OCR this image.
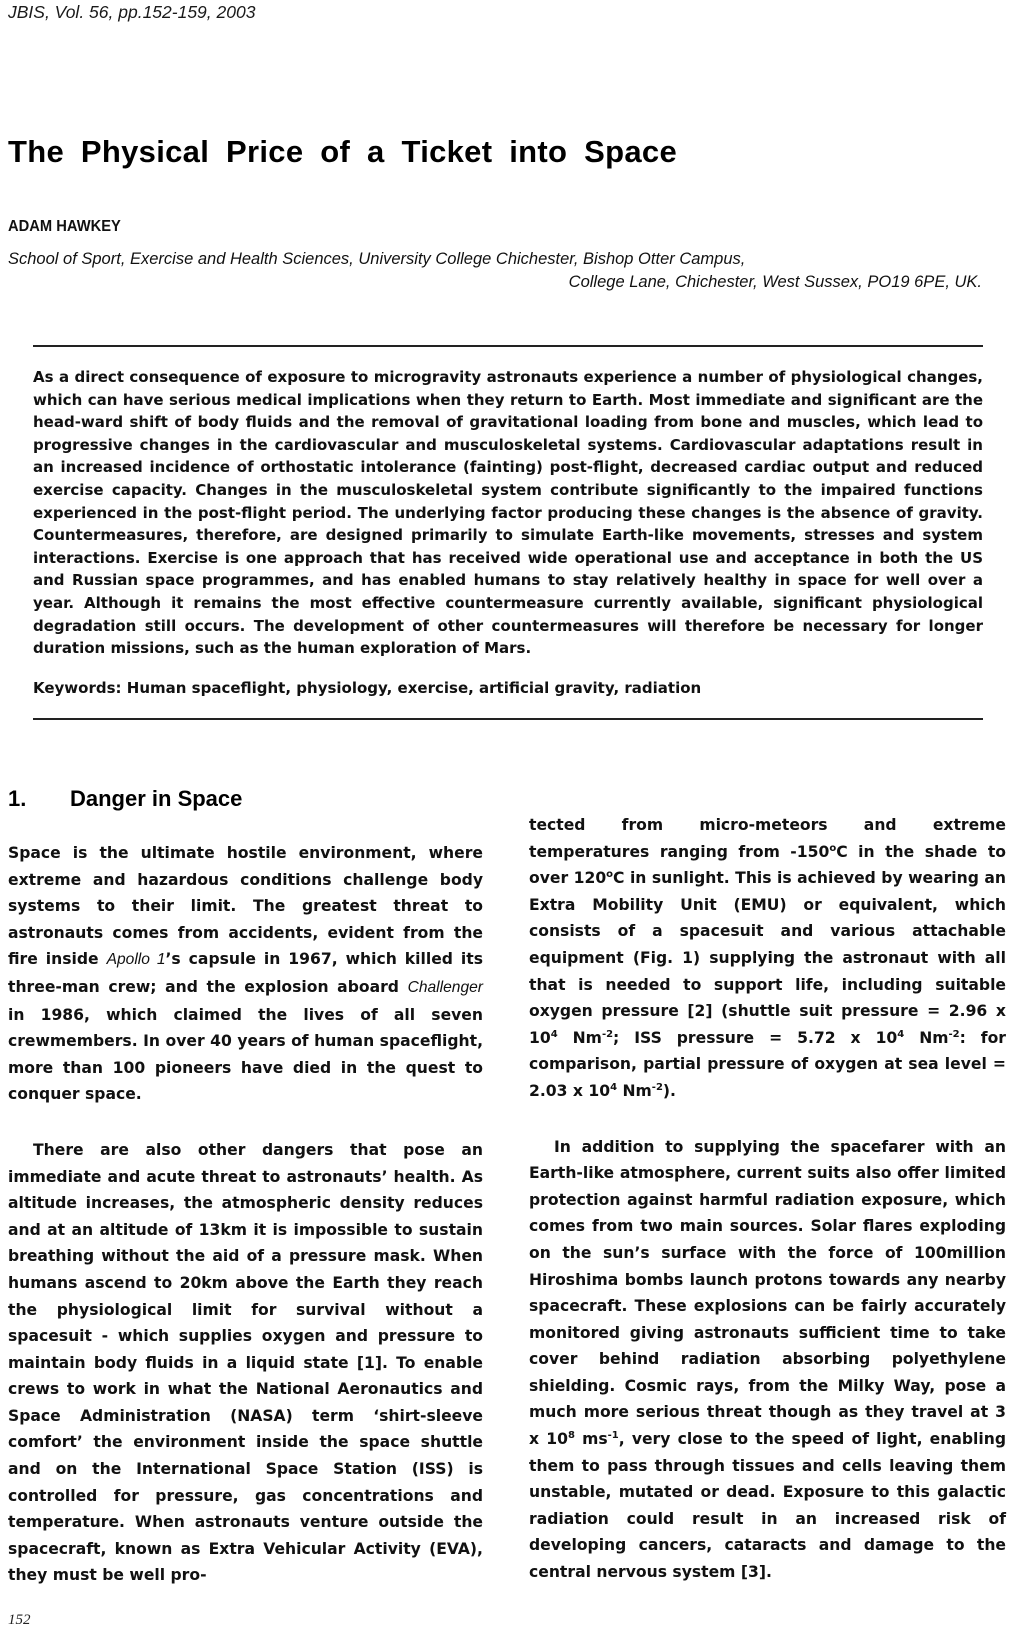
JBIS, Vol. 56, pp.152-159, 2003
The Physical Price of a Ticket into Space
ADAM HAWKEY
School of Sport, Exercise and Health Sciences, University College Chichester, Bishop Otter Campus,
College Lane, Chichester, West Sussex, PO19 6PE, UK.
As a direct consequence of exposure to microgravity astronauts experience a number of physiological changes, which can have serious medical implications when they return to Earth. Most immediate and significant are the head-ward shift of body fluids and the removal of gravitational loading from bone and muscles, which lead to progressive changes in the cardiovascular and musculoskeletal systems. Cardiovascular adaptations result in an increased incidence of orthostatic intolerance (fainting) post-flight, decreased cardiac output and reduced exercise capacity. Changes in the musculoskeletal system contribute significantly to the impaired functions experienced in the post-flight period. The underlying factor producing these changes is the absence of gravity. Countermeasures, therefore, are designed primarily to simulate Earth-like movements, stresses and system interactions. Exercise is one approach that has received wide operational use and acceptance in both the US and Russian space programmes, and has enabled humans to stay relatively healthy in space for well over a year. Although it remains the most effective countermeasure currently available, significant physiological degradation still occurs. The development of other countermeasures will therefore be necessary for longer duration missions, such as the human exploration of Mars.
Keywords: Human spaceflight, physiology, exercise, artificial gravity, radiation
1. Danger in Space

Space is the ultimate hostile environment, where extreme and hazardous conditions challenge body systems to their limit. The greatest threat to astronauts comes from accidents, evident from the fire inside Apollo 1’s capsule in 1967, which killed its three-man crew; and the explosion aboard Challenger in 1986, which claimed the lives of all seven crewmembers. In over 40 years of human spaceflight, more than 100 pioneers have died in the quest to conquer space.

There are also other dangers that pose an immediate and acute threat to astronauts’ health. As altitude increases, the atmospheric density reduces and at an altitude of 13km it is impossible to sustain breathing without the aid of a pressure mask. When humans ascend to 20km above the Earth they reach the physiological limit for survival without a spacesuit - which supplies oxygen and pressure to maintain body fluids in a liquid state [1]. To enable crews to work in what the National Aeronautics and Space Administration (NASA) term ‘shirt-sleeve comfort’ the environment inside the space shuttle and on the International Space Station (ISS) is controlled for pressure, gas concentrations and temperature. When astronauts venture outside the spacecraft, known as Extra Vehicular Activity (EVA), they must be well pro-

tected from micro-meteors and extreme temperatures ranging from -150$^o$C in the shade to over 120$^o$C in sunlight. This is achieved by wearing an Extra Mobility Unit (EMU) or equivalent, which consists of a spacesuit and various attachable equipment (Fig. 1) supplying the astronaut with all that is needed to support life, including suitable oxygen pressure [2] (shuttle suit pressure = 2.96 x $10^4$ $Nm^{-2}$; ISS pressure = 5.72 x $10^4$ $Nm^{-2}$: for comparison, partial pressure of oxygen at sea level = 2.03 x $10^4$ $Nm^{-2}$).

In addition to supplying the spacefarer with an Earth-like atmosphere, current suits also offer limited protection against harmful radiation exposure, which comes from two main sources. Solar flares exploding on the sun’s surface with the force of 100million Hiroshima bombs launch protons towards any nearby spacecraft. These explosions can be fairly accurately monitored giving astronauts sufficient time to take cover behind radiation absorbing polyethylene shielding. Cosmic rays, from the Milky Way, pose a much more serious threat though as they travel at 3 x $10^8$ $ms^{-1}$, very close to the speed of light, enabling them to pass through tissues and cells leaving them unstable, mutated or dead. Exposure to this galactic radiation could result in an increased risk of developing cancers, cataracts and damage to the central nervous system [3].

152
